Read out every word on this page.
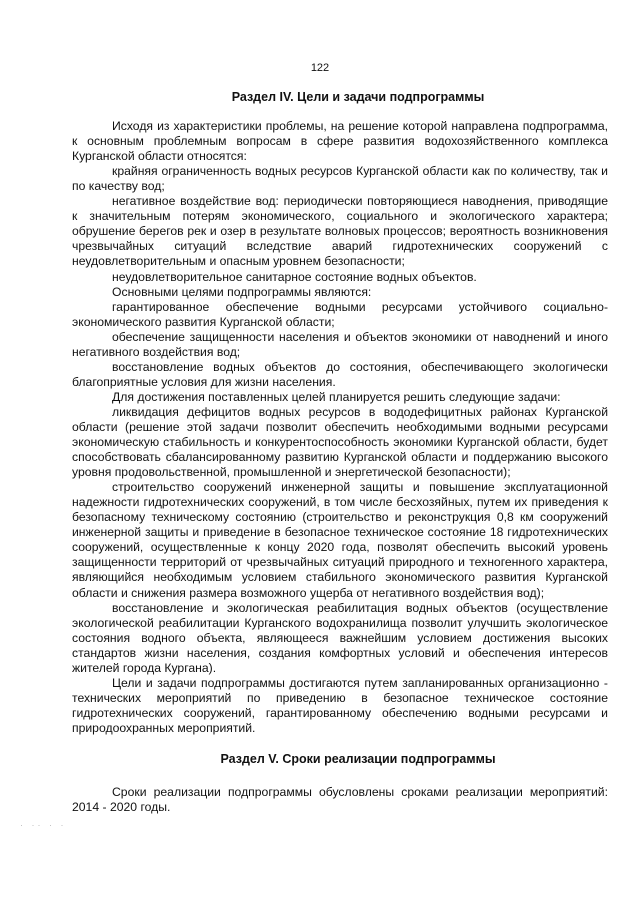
122
Раздел IV. Цели и задачи подпрограммы

Исходя из характеристики проблемы, на решение которой направлена подпрограмма, к основным проблемным вопросам в сфере развития водохозяйственного комплекса Курганской области относятся:

крайняя ограниченность водных ресурсов Курганской области как по количеству, так и по качеству вод;

негативное воздействие вод: периодически повторяющиеся наводнения, приводящие к значительным потерям экономического, социального и экологического характера; обрушение берегов рек и озер в результате волновых процессов; вероятность возникновения чрезвычайных ситуаций вследствие аварий гидротехнических сооружений с неудовлетворительным и опасным уровнем безопасности;

неудовлетворительное санитарное состояние водных объектов.

Основными целями подпрограммы являются:

гарантированное обеспечение водными ресурсами устойчивого социально-экономического развития Курганской области;

обеспечение защищенности населения и объектов экономики от наводнений и иного негативного воздействия вод;

восстановление водных объектов до состояния, обеспечивающего экологически благоприятные условия для жизни населения.

Для достижения поставленных целей планируется решить следующие задачи:

ликвидация дефицитов водных ресурсов в вододефицитных районах Курганской области (решение этой задачи позволит обеспечить необходимыми водными ресурсами экономическую стабильность и конкурентоспособность экономики Курганской области, будет способствовать сбалансированному развитию Курганской области и поддержанию высокого уровня продовольственной, промышленной и энергетической безопасности);

строительство сооружений инженерной защиты и повышение эксплуатационной надежности гидротехнических сооружений, в том числе бесхозяйных, путем их приведения к безопасному техническому состоянию (строительство и реконструкция 0,8 км сооружений инженерной защиты и приведение в безопасное техническое состояние 18 гидротехнических сооружений, осуществленные к концу 2020 года, позволят обеспечить высокий уровень защищенности территорий от чрезвычайных ситуаций природного и техногенного характера, являющийся необходимым условием стабильного экономического развития Курганской области и снижения размера возможного ущерба от негативного воздействия вод);

восстановление и экологическая реабилитация водных объектов (осуществление экологической реабилитации Курганского водохранилища позволит улучшить экологическое состояния водного объекта, являющееся важнейшим условием достижения высоких стандартов жизни населения, создания комфортных условий и обеспечения интересов жителей города Кургана).

Цели и задачи подпрограммы достигаются путем запланированных организационно - технических мероприятий по приведению в безопасное техническое состояние гидротехнических сооружений, гарантированному обеспечению водными ресурсами и природоохранных мероприятий.

Раздел V. Сроки реализации подпрограммы

Сроки реализации подпрограммы обусловлены сроками реализации мероприятий: 2014 - 2020 годы.

· ·· · ·
